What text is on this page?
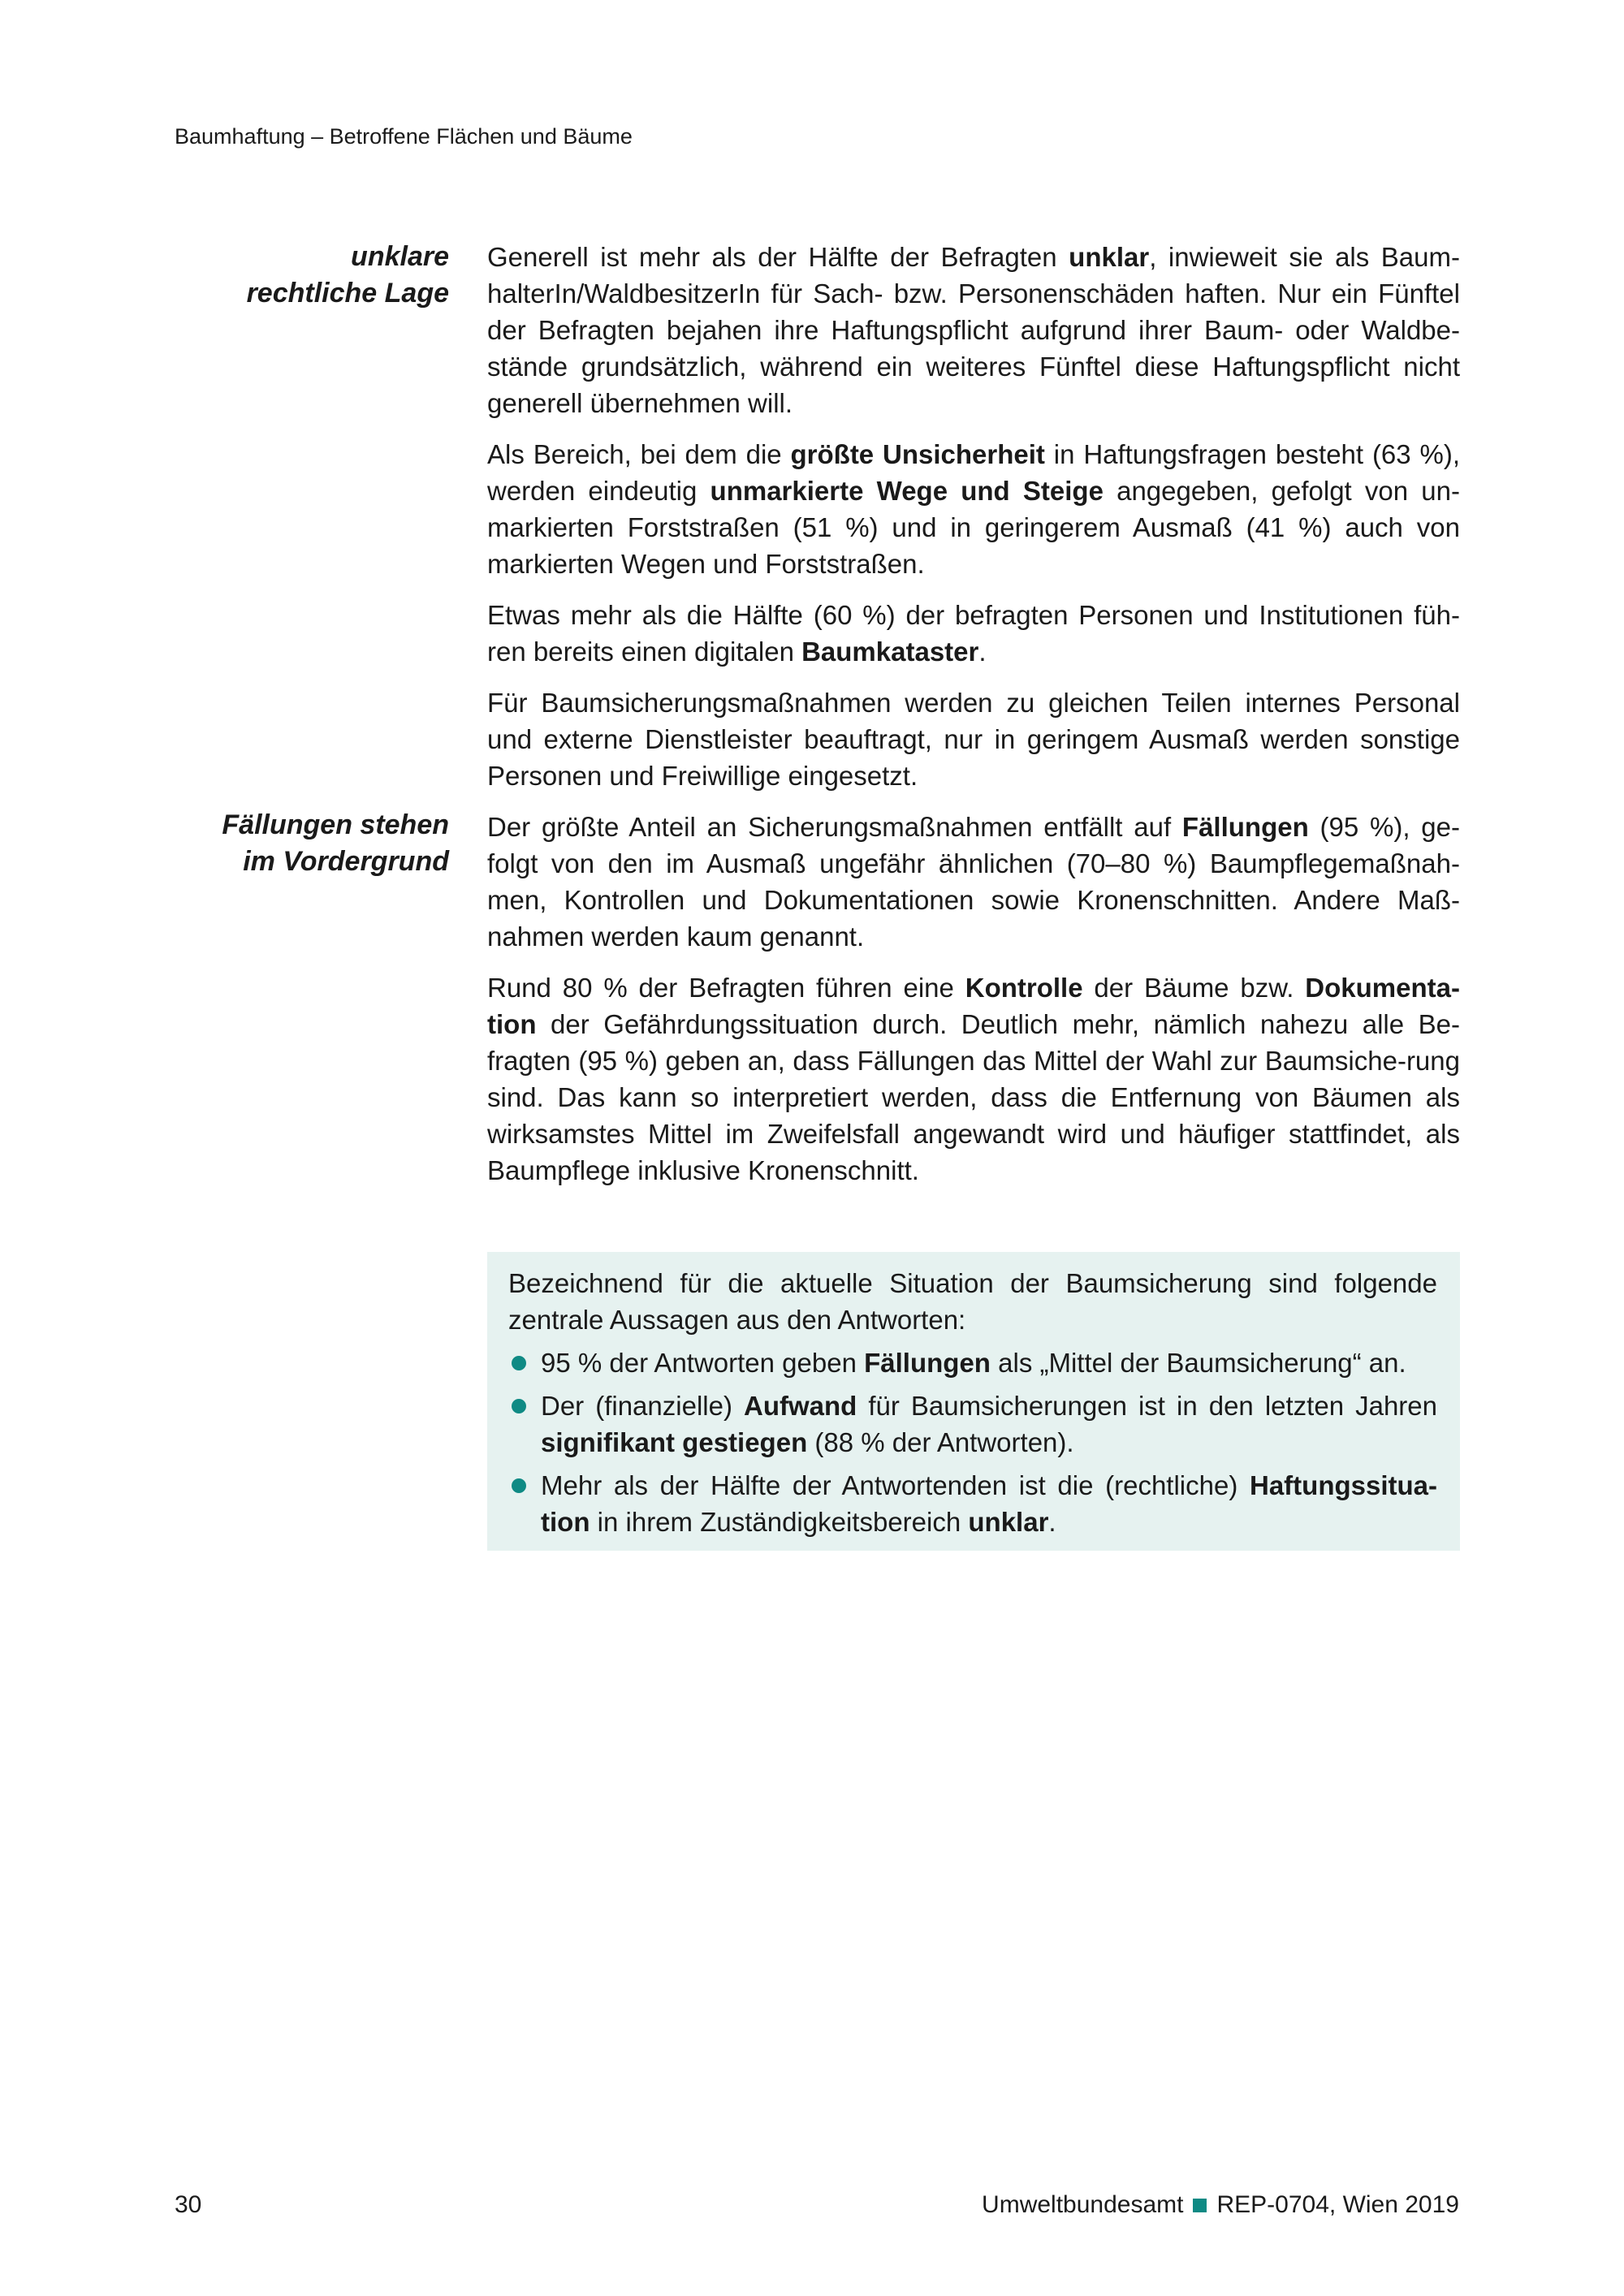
Baumhaftung – Betroffene Flächen und Bäume
unklare
rechtliche Lage
Fällungen stehen
im Vordergrund

Generell ist mehr als der Hälfte der Befragten unklar, inwieweit sie als Baum-halterIn/WaldbesitzerIn für Sach- bzw. Personenschäden haften. Nur ein Fünftel der Befragten bejahen ihre Haftungspflicht aufgrund ihrer Baum- oder Waldbe-stände grundsätzlich, während ein weiteres Fünftel diese Haftungspflicht nicht generell übernehmen will.

Als Bereich, bei dem die größte Unsicherheit in Haftungsfragen besteht (63 %), werden eindeutig unmarkierte Wege und Steige angegeben, gefolgt von un-markierten Forststraßen (51 %) und in geringerem Ausmaß (41 %) auch von markierten Wegen und Forststraßen.

Etwas mehr als die Hälfte (60 %) der befragten Personen und Institutionen füh-ren bereits einen digitalen Baumkataster.

Für Baumsicherungsmaßnahmen werden zu gleichen Teilen internes Personal und externe Dienstleister beauftragt, nur in geringem Ausmaß werden sonstige Personen und Freiwillige eingesetzt.

Der größte Anteil an Sicherungsmaßnahmen entfällt auf Fällungen (95 %), ge-folgt von den im Ausmaß ungefähr ähnlichen (70–80 %) Baumpflegemaßnah-men, Kontrollen und Dokumentationen sowie Kronenschnitten. Andere Maß-nahmen werden kaum genannt.

Rund 80 % der Befragten führen eine Kontrolle der Bäume bzw. Dokumenta-tion der Gefährdungssituation durch. Deutlich mehr, nämlich nahezu alle Be-fragten (95 %) geben an, dass Fällungen das Mittel der Wahl zur Baumsiche-rung sind. Das kann so interpretiert werden, dass die Entfernung von Bäumen als wirksamstes Mittel im Zweifelsfall angewandt wird und häufiger stattfindet, als Baumpflege inklusive Kronenschnitt.

Bezeichnend für die aktuelle Situation der Baumsicherung sind folgende zentrale Aussagen aus den Antworten:

95 % der Antworten geben Fällungen als „Mittel der Baumsicherung“ an.
Der (finanzielle) Aufwand für Baumsicherungen ist in den letzten Jahren signifikant gestiegen (88 % der Antworten).
Mehr als der Hälfte der Antwortenden ist die (rechtliche) Haftungssitua-tion in ihrem Zuständigkeitsbereich unklar.
30	Umweltbundesamt REP-0704, Wien 2019
